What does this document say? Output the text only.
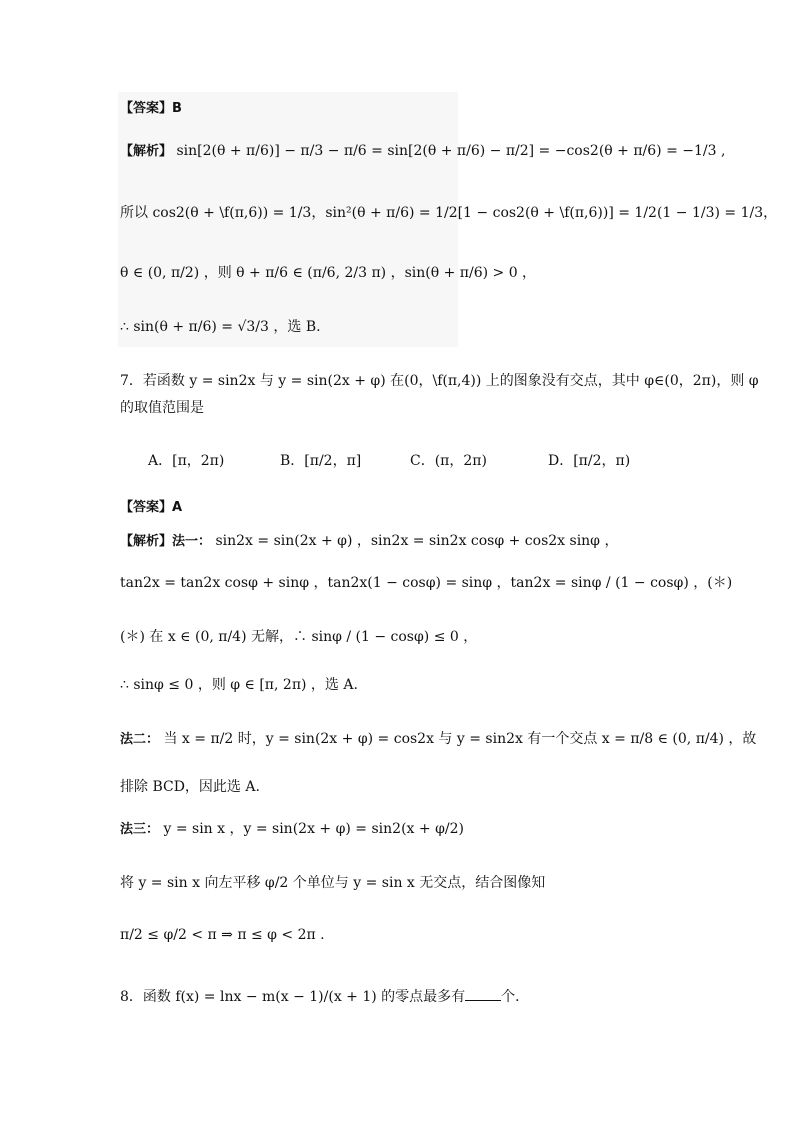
【答案】B
【解析】 sin[2(θ + π/6)] − π/3 − π/6 = sin[2(θ + π/6) − π/2] = −cos2(θ + π/6) = −1/3 ,
所以 cos2(θ + \f(π,6)) = 1/3，sin²(θ + π/6) = 1/2[1 − cos2(θ + \f(π,6))] = 1/2(1 − 1/3) = 1/3，
θ ∈ (0, π/2) ，则 θ + π/6 ∈ (π/6, 2/3 π) ，sin(θ + π/6) > 0 ，
∴ sin(θ + π/6) = √3/3 ，选 B.
7．若函数 y = sin2x 与 y = sin(2x + φ) 在(0，\f(π,4)) 上的图象没有交点，其中 φ∈(0，2π)，则 φ
的取值范围是
A．[π，2π)	B．[π/2，π]	C．(π，2π)	D．[π/2，π)
【答案】A
【解析】法一： sin2x = sin(2x + φ) ，sin2x = sin2x cosφ + cos2x sinφ ，
tan2x = tan2x cosφ + sinφ ，tan2x(1 − cosφ) = sinφ ，tan2x = sinφ / (1 − cosφ) ，(＊)
(＊) 在 x ∈ (0, π/4) 无解，∴ sinφ / (1 − cosφ) ≤ 0 ，
∴ sinφ ≤ 0 ，则 φ ∈ [π, 2π) ，选 A.
法二： 当 x = π/2 时，y = sin(2x + φ) = cos2x 与 y = sin2x 有一个交点 x = π/8 ∈ (0, π/4) ，故
排除 BCD，因此选 A.
法三： y = sin x ，y = sin(2x + φ) = sin2(x + φ/2)
将 y = sin x 向左平移 φ/2 个单位与 y = sin x 无交点，结合图像知
π/2 ≤ φ/2 < π ⇒ π ≤ φ < 2π .
8．函数 f(x) = lnx − m(x − 1)/(x + 1) 的零点最多有	个．
